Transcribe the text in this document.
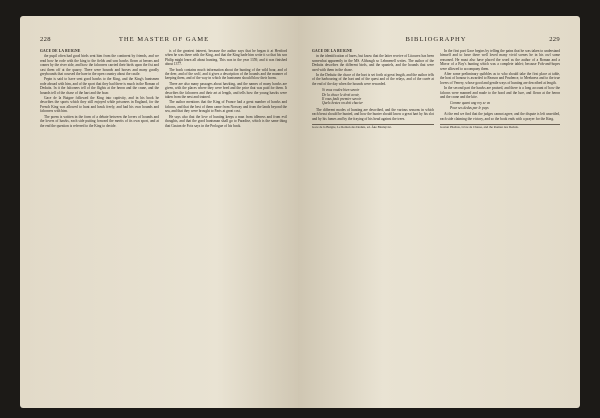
228	THE MASTER OF GAME
GACE DE LA BUIGNE

the pupil often had good birds sent him from the continent by friends, and we read how he rode with the king to the fields and saw hawks flown at herons and cranes by the river side, and how the falconers carried their birds upon the fist and cast them off at the quarry. There were hounds and horses and many goodly greyhounds that coursed the hare in the open country about the castle.

Pepin is said to have sent good hawks to the King, and the King's huntsmen rode abroad with him, and of the sport that they had there is much in the Roman of Deduitz. In it the falconers tell of the flights at the heron and the crane, and the hounds tell of the chase of the hart and the boar.

Gace de la Buigne followed the King into captivity, and in his book he describes the sports which they still enjoyed while prisoners in England, for the French King was allowed to hunt and hawk freely, and had his own hounds and falconers with him.

The poem is written in the form of a debate between the lovers of hounds and the lovers of hawks, each side putting forward the merits of its own sport, and at the end the question is referred to the King to decide.

is of the greatest interest, because the author says that he began it at Hertford when he was there with the King, and that the King bade him write it so that his son Philip might learn all about hunting. This was in the year 1359, and it was finished about 1377.

The book contains much information about the hunting of the wild boar, and of the deer, and of the wolf, and it gives a description of the hounds and the manner of keeping them, and of the way in which the huntsmen should blow their horns.

There are also many passages about hawking, and the names of many hawks are given, with the places where they were bred and the price that was paid for them. It describes the falconers and their art at length, and tells how the young hawks were taken from the nest and trained.

The author mentions that the King of France had a great number of hawks and falcons, and that the best of them came from Norway and from the lands beyond the sea, and that they were brought to Paris at great cost.

He says also that the love of hunting keeps a man from idleness and from evil thoughts, and that the good huntsman shall go to Paradise, which is the same thing that Gaston de Foix says in the Prologue of his book.

BIBLIOGRAPHY	229
GACE DE LA BUIGNE

in the identification of hares, but know that the latter receive of Litourex has been somewhat apparently in the MS. Although so Lehmenell writes. The author of the Deduitz describes the different birds, and the spaniels, and the hounds that were used with them in the chase.

In the Deduitz the chace of the hart is set forth at great length, and the author tells of the harbouring of the hart and of the quest and of the relays, and of the curée at the end of the day when the hounds were rewarded.

Si vous voulez bien savoir
De la chace le droit avoir,
Il vous fault premier savoir
Quelx bestes on doit chacier

The different modes of hunting are described, and the various seasons in which each beast should be hunted, and how the hunter should know a great hart by his slot and by his fumes and by the fraying of his head against the trees.

Gace de la Buigne, Le Roman des Deduis, ed. Åke Blomqvist.

In the first part Gace begins by telling the pains that he was taken to understand himself and to have there well loved many vivid scenes he in his owl some reasoned. He must also have placed the word as the author of a Roman and a Mirror of a Boy's hunting which was a complete tablet; because Fols-and-hopes were allowed to accompany them.

After some preliminary quibbles as to who should take the first place at table, the host of honour is awarded to Reason and Prudence, to Meekness and to the true lovers of Venery, whose good and gentle ways of hunting are described at length.

In the second part the hawks are praised, and there is a long account of how the falcons were manned and made to the hood and the lure, and flown at the heron and the crane and the kite.

Comme quant ung roy se va
Pour ses dedus par le pays

At the end we find that the judges cannot agree, and the dispute is left unsettled, each side claiming the victory, and so the book ends with a prayer for the King.

Gaston Phœbus, Livre de Chasse, and the Roman des Deduis.
